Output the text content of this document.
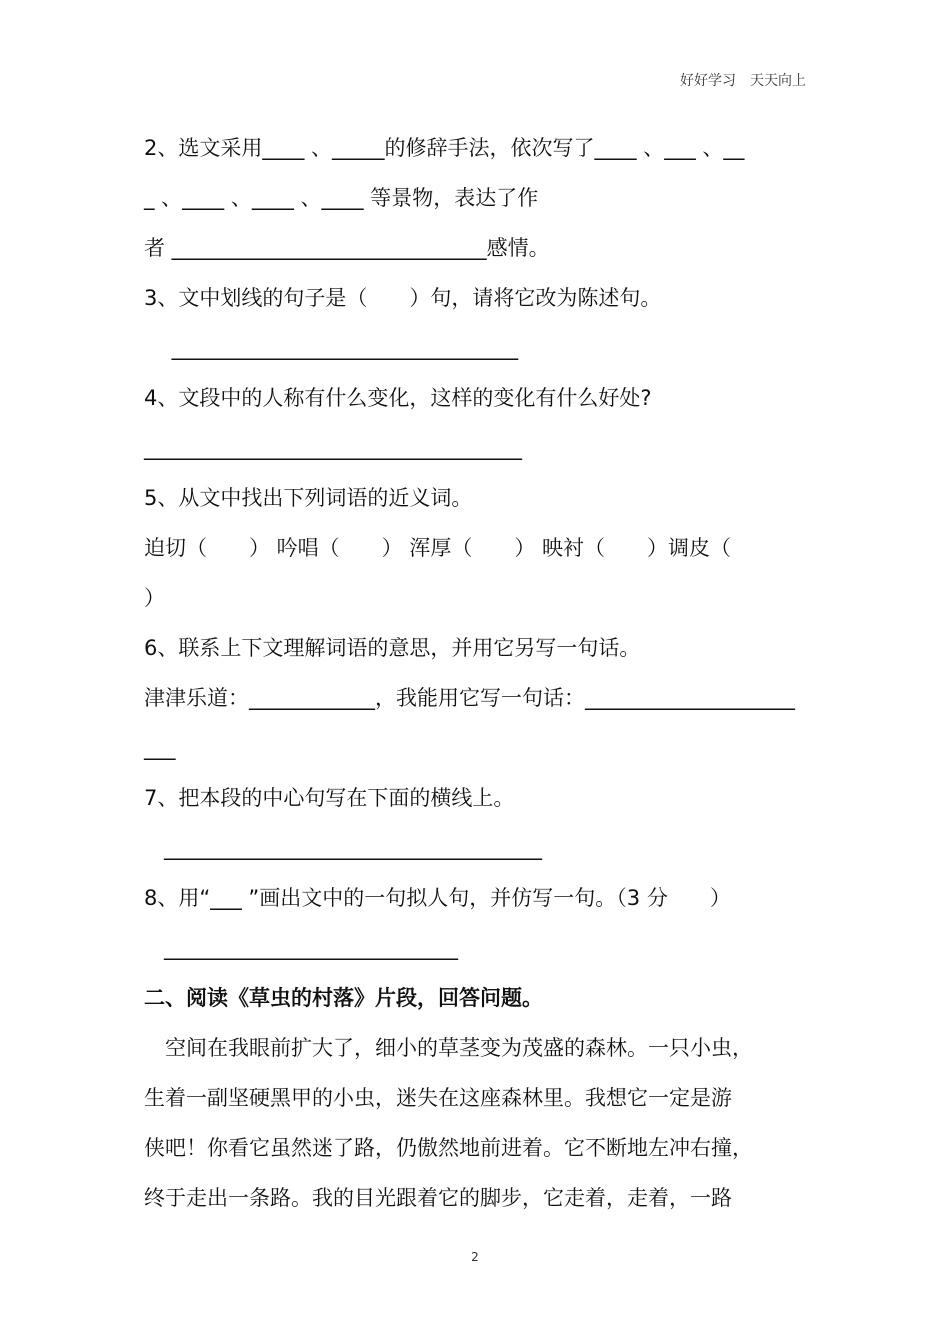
好好学习　天天向上
2、选文采用____ 、_____的修辞手法，依次写了____ 、___ 、__
_ 、____ 、____ 、____ 等景物，表达了作
者 ______________________________感情。
3、文中划线的句子是（　　）句，请将它改为陈述句。
　 _________________________________
4、文段中的人称有什么变化，这样的变化有什么好处?
____________________________________
5、从文中找出下列词语的近义词。
迫切（　　） 吟唱（　　） 浑厚（　　） 映衬（　　）调皮（
）
6、联系上下文理解词语的意思，并用它另写一句话。
津津乐道：____________，我能用它写一句话：____________________
___
7、把本段的中心句写在下面的横线上。
____________________________________
8、用“___ ”画出文中的一句拟人句，并仿写一句。（3 分　　）
____________________________
二、阅读《草虫的村落》片段，回答问题。
　空间在我眼前扩大了，细小的草茎变为茂盛的森林。一只小虫，
生着一副坚硬黑甲的小虫，迷失在这座森林里。我想它一定是游
侠吧！你看它虽然迷了路，仍傲然地前进着。它不断地左冲右撞，
终于走出一条路。我的目光跟着它的脚步，它走着，走着，一路
2
